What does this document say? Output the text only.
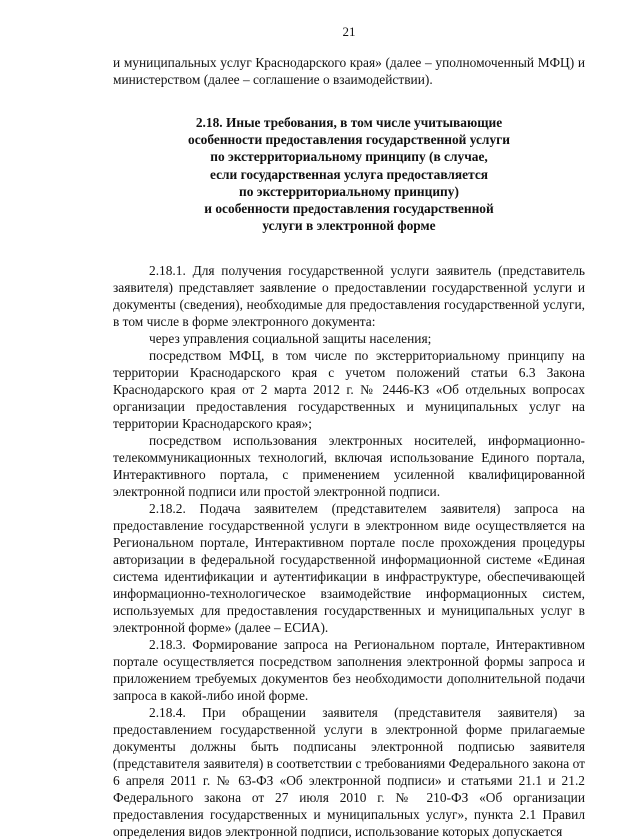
21

и муниципальных услуг Краснодарского края» (далее – уполномоченный МФЦ) и министерством (далее – соглашение о взаимодействии).

2.18. Иные требования, в том числе учитывающие
особенности предоставления государственной услуги
по экстерриториальному принципу (в случае,
если государственная услуга предоставляется
по экстерриториальному принципу)
и особенности предоставления государственной
услуги в электронной форме

2.18.1. Для получения государственной услуги заявитель (представитель заявителя) представляет заявление о предоставлении государственной услуги и документы (сведения), необходимые для предоставления государственной услуги, в том числе в форме электронного документа:

через управления социальной защиты населения;

посредством МФЦ, в том числе по экстерриториальному принципу на территории Краснодарского края с учетом положений статьи 6.3 Закона Краснодарского края от 2 марта 2012 г. № 2446-КЗ «Об отдельных вопросах организации предоставления государственных и муниципальных услуг на территории Краснодарского края»;

посредством использования электронных носителей, информационно-телекоммуникационных технологий, включая использование Единого портала, Интерактивного портала, с применением усиленной квалифицированной электронной подписи или простой электронной подписи.

2.18.2. Подача заявителем (представителем заявителя) запроса на предоставление государственной услуги в электронном виде осуществляется на Региональном портале, Интерактивном портале после прохождения процедуры авторизации в федеральной государственной информационной системе «Единая система идентификации и аутентификации в инфраструктуре, обеспечивающей информационно-технологическое взаимодействие информационных систем, используемых для предоставления государственных и муниципальных услуг в электронной форме» (далее – ЕСИА).

2.18.3. Формирование запроса на Региональном портале, Интерактивном портале осуществляется посредством заполнения электронной формы запроса и приложением требуемых документов без необходимости дополнительной подачи запроса в какой-либо иной форме.

2.18.4. При обращении заявителя (представителя заявителя) за предоставлением государственной услуги в электронной форме прилагаемые документы должны быть подписаны электронной подписью заявителя (представителя заявителя) в соответствии с требованиями Федерального закона от 6 апреля 2011 г. № 63-ФЗ «Об электронной подписи» и статьями 21.1 и 21.2 Федерального закона от 27 июля 2010 г. № 210-ФЗ «Об организации предоставления государственных и муниципальных услуг», пункта 2.1 Правил определения видов электронной подписи, использование которых допускается
